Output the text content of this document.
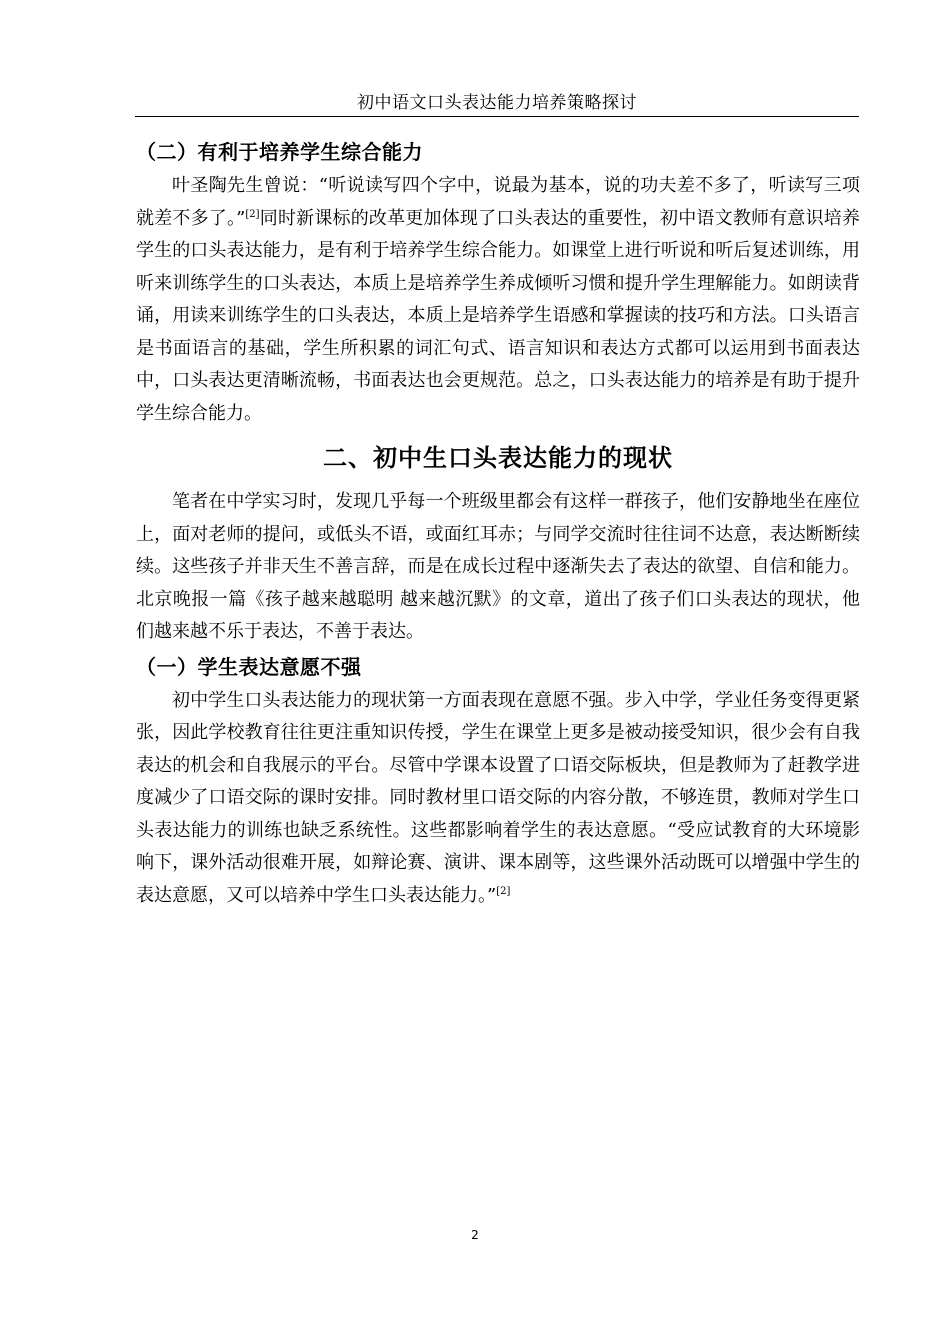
初中语文口头表达能力培养策略探讨
（二）有利于培养学生综合能力

叶圣陶先生曾说：“听说读写四个字中，说最为基本，说的功夫差不多了，听读写三项就差不多了。”[2]同时新课标的改革更加体现了口头表达的重要性，初中语文教师有意识培养学生的口头表达能力，是有利于培养学生综合能力。如课堂上进行听说和听后复述训练，用听来训练学生的口头表达，本质上是培养学生养成倾听习惯和提升学生理解能力。如朗读背诵，用读来训练学生的口头表达，本质上是培养学生语感和掌握读的技巧和方法。口头语言是书面语言的基础，学生所积累的词汇句式、语言知识和表达方式都可以运用到书面表达中，口头表达更清晰流畅，书面表达也会更规范。总之，口头表达能力的培养是有助于提升学生综合能力。

二、初中生口头表达能力的现状

笔者在中学实习时，发现几乎每一个班级里都会有这样一群孩子，他们安静地坐在座位上，面对老师的提问，或低头不语，或面红耳赤；与同学交流时往往词不达意，表达断断续续。这些孩子并非天生不善言辞，而是在成长过程中逐渐失去了表达的欲望、自信和能力。北京晚报一篇《孩子越来越聪明 越来越沉默》的文章，道出了孩子们口头表达的现状，他们越来越不乐于表达，不善于表达。

（一）学生表达意愿不强

初中学生口头表达能力的现状第一方面表现在意愿不强。步入中学，学业任务变得更紧张，因此学校教育往往更注重知识传授，学生在课堂上更多是被动接受知识，很少会有自我表达的机会和自我展示的平台。尽管中学课本设置了口语交际板块，但是教师为了赶教学进度减少了口语交际的课时安排。同时教材里口语交际的内容分散，不够连贯，教师对学生口头表达能力的训练也缺乏系统性。这些都影响着学生的表达意愿。“受应试教育的大环境影响下，课外活动很难开展，如辩论赛、演讲、课本剧等，这些课外活动既可以增强中学生的表达意愿，又可以培养中学生口头表达能力。”[2]

2
